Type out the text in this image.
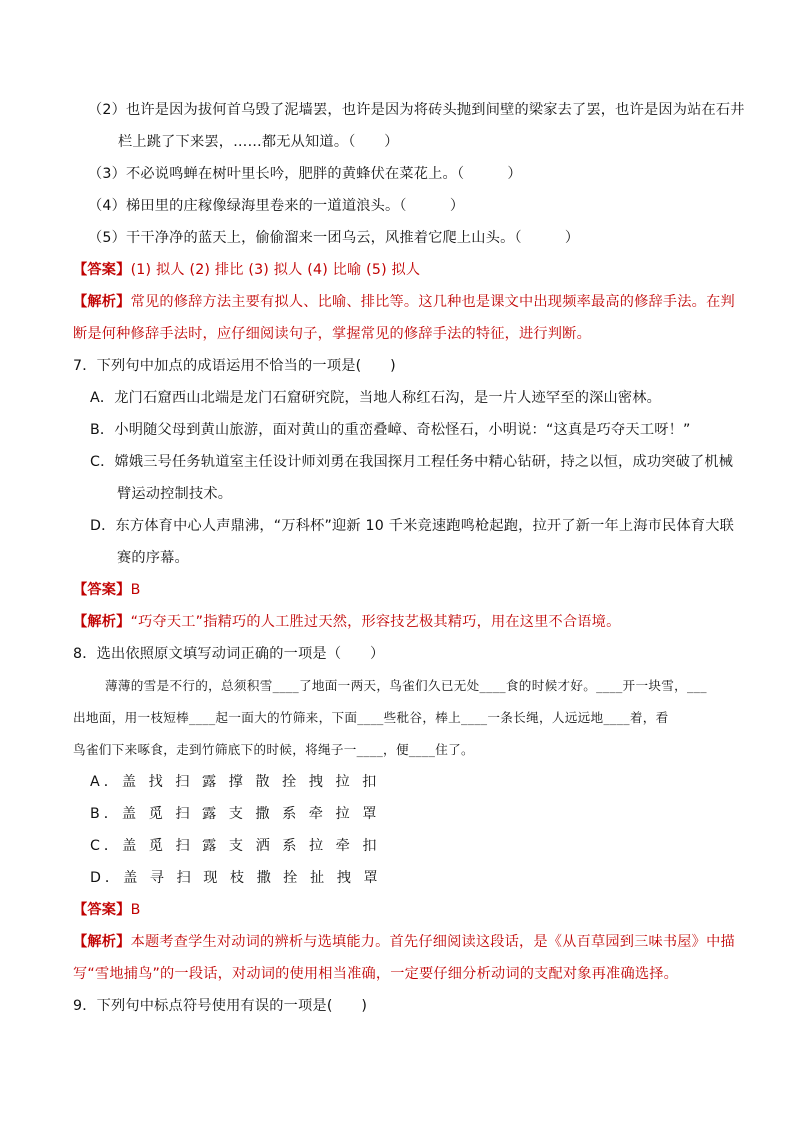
（2）也许是因为拔何首乌毁了泥墙罢，也许是因为将砖头抛到间壁的梁家去了罢，也许是因为站在石井
栏上跳了下来罢，……都无从知道。（　　）
（3）不必说鸣蝉在树叶里长吟，肥胖的黄蜂伏在菜花上。（　　　）
（4）梯田里的庄稼像绿海里卷来的一道道浪头。（　　　）
（5）干干净净的蓝天上，偷偷溜来一团乌云，风推着它爬上山头。（　　　）
【答案】(1) 拟人 (2) 排比 (3) 拟人 (4) 比喻 (5) 拟人
【解析】常见的修辞方法主要有拟人、比喻、排比等。这几种也是课文中出现频率最高的修辞手法。在判
断是何种修辞手法时，应仔细阅读句子，掌握常见的修辞手法的特征，进行判断。
7．下列句中加点的成语运用不恰当的一项是(　　)
A．龙门石窟西山北端是龙门石窟研究院，当地人称红石沟，是一片人迹罕至的深山密林。
B．小明随父母到黄山旅游，面对黄山的重峦叠嶂、奇松怪石，小明说：“这真是巧夺天工呀！”
C．嫦娥三号任务轨道室主任设计师刘勇在我国探月工程任务中精心钻研，持之以恒，成功突破了机械
臂运动控制技术。
D．东方体育中心人声鼎沸，“万科杯”迎新 10 千米竞速跑鸣枪起跑，拉开了新一年上海市民体育大联
赛的序幕。
【答案】B
【解析】“巧夺天工”指精巧的人工胜过天然，形容技艺极其精巧，用在这里不合语境。
8．选出依照原文填写动词正确的一项是（　　）
薄薄的雪是不行的，总须积雪____了地面一两天，鸟雀们久已无处____食的时候才好。____开一块雪，___
出地面，用一枝短棒____起一面大的竹筛来，下面____些秕谷，棒上____一条长绳，人远远地____着，看
鸟雀们下来啄食，走到竹筛底下的时候，将绳子一____，便____住了。
A．盖 找 扫 露 撑 散 拴 拽 拉 扣
B．盖 觅 扫 露 支 撒 系 牵 拉 罩
C．盖 觅 扫 露 支 洒 系 拉 牵 扣
D．盖 寻 扫 现 枝 撒 拴 扯 拽 罩
【答案】B
【解析】本题考查学生对动词的辨析与选填能力。首先仔细阅读这段话，是《从百草园到三味书屋》中描
写“雪地捕鸟”的一段话，对动词的使用相当准确，一定要仔细分析动词的支配对象再准确选择。
9．下列句中标点符号使用有误的一项是(　　)
